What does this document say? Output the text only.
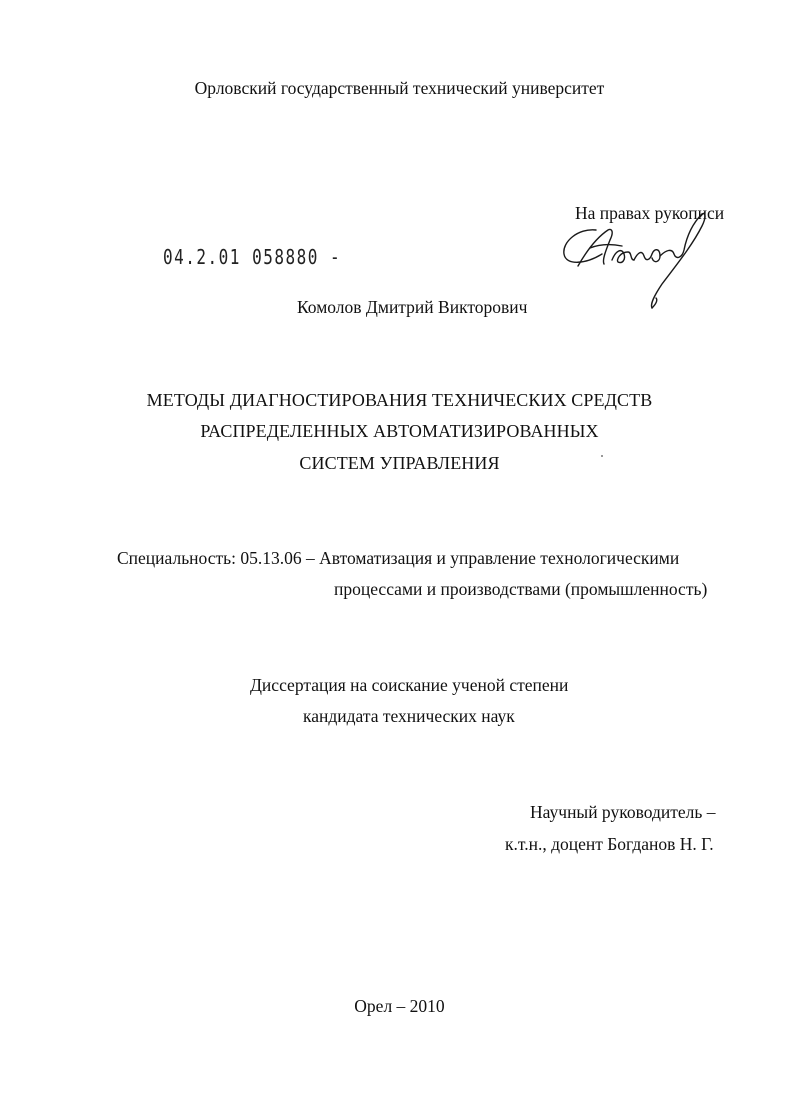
Орловский государственный технический университет
На правах рукописи
04.2.01 058880 -
Комолов Дмитрий Викторович
МЕТОДЫ ДИАГНОСТИРОВАНИЯ ТЕХНИЧЕСКИХ СРЕДСТВ
РАСПРЕДЕЛЕННЫХ АВТОМАТИЗИРОВАННЫХ
СИСТЕМ УПРАВЛЕНИЯ
Специальность: 05.13.06 – Автоматизация и управление технологическими
процессами и производствами (промышленность)
Диссертация на соискание ученой степени
кандидата технических наук
Научный руководитель –
к.т.н., доцент Богданов Н. Г.
Орел – 2010
